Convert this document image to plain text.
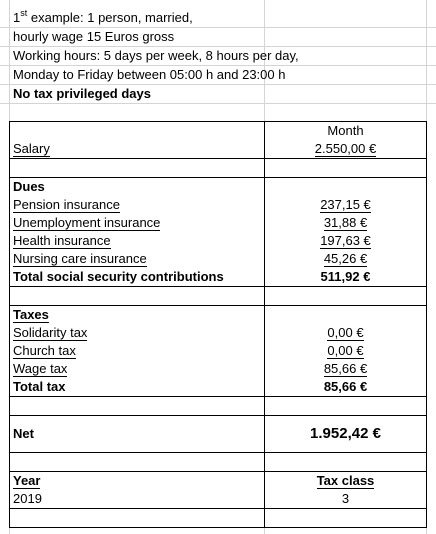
1st example: 1 person, married,
hourly wage 15 Euros gross
Working hours: 5 days per week, 8 hours per day,
Monday to Friday between 05:00 h and 23:00 h
No tax privileged days
	Month
Salary	2.550,00 €

Dues	
Pension insurance	237,15 €
Unemployment insurance	31,88 €
Health insurance	197,63 €
Nursing care insurance	45,26 €
Total social security contributions	511,92 €

Taxes	
Solidarity tax	0,00 €
Church tax	0,00 €
Wage tax	85,66 €
Total tax	85,66 €

Net	1.952,42 €

Year	Tax class
2019	3
